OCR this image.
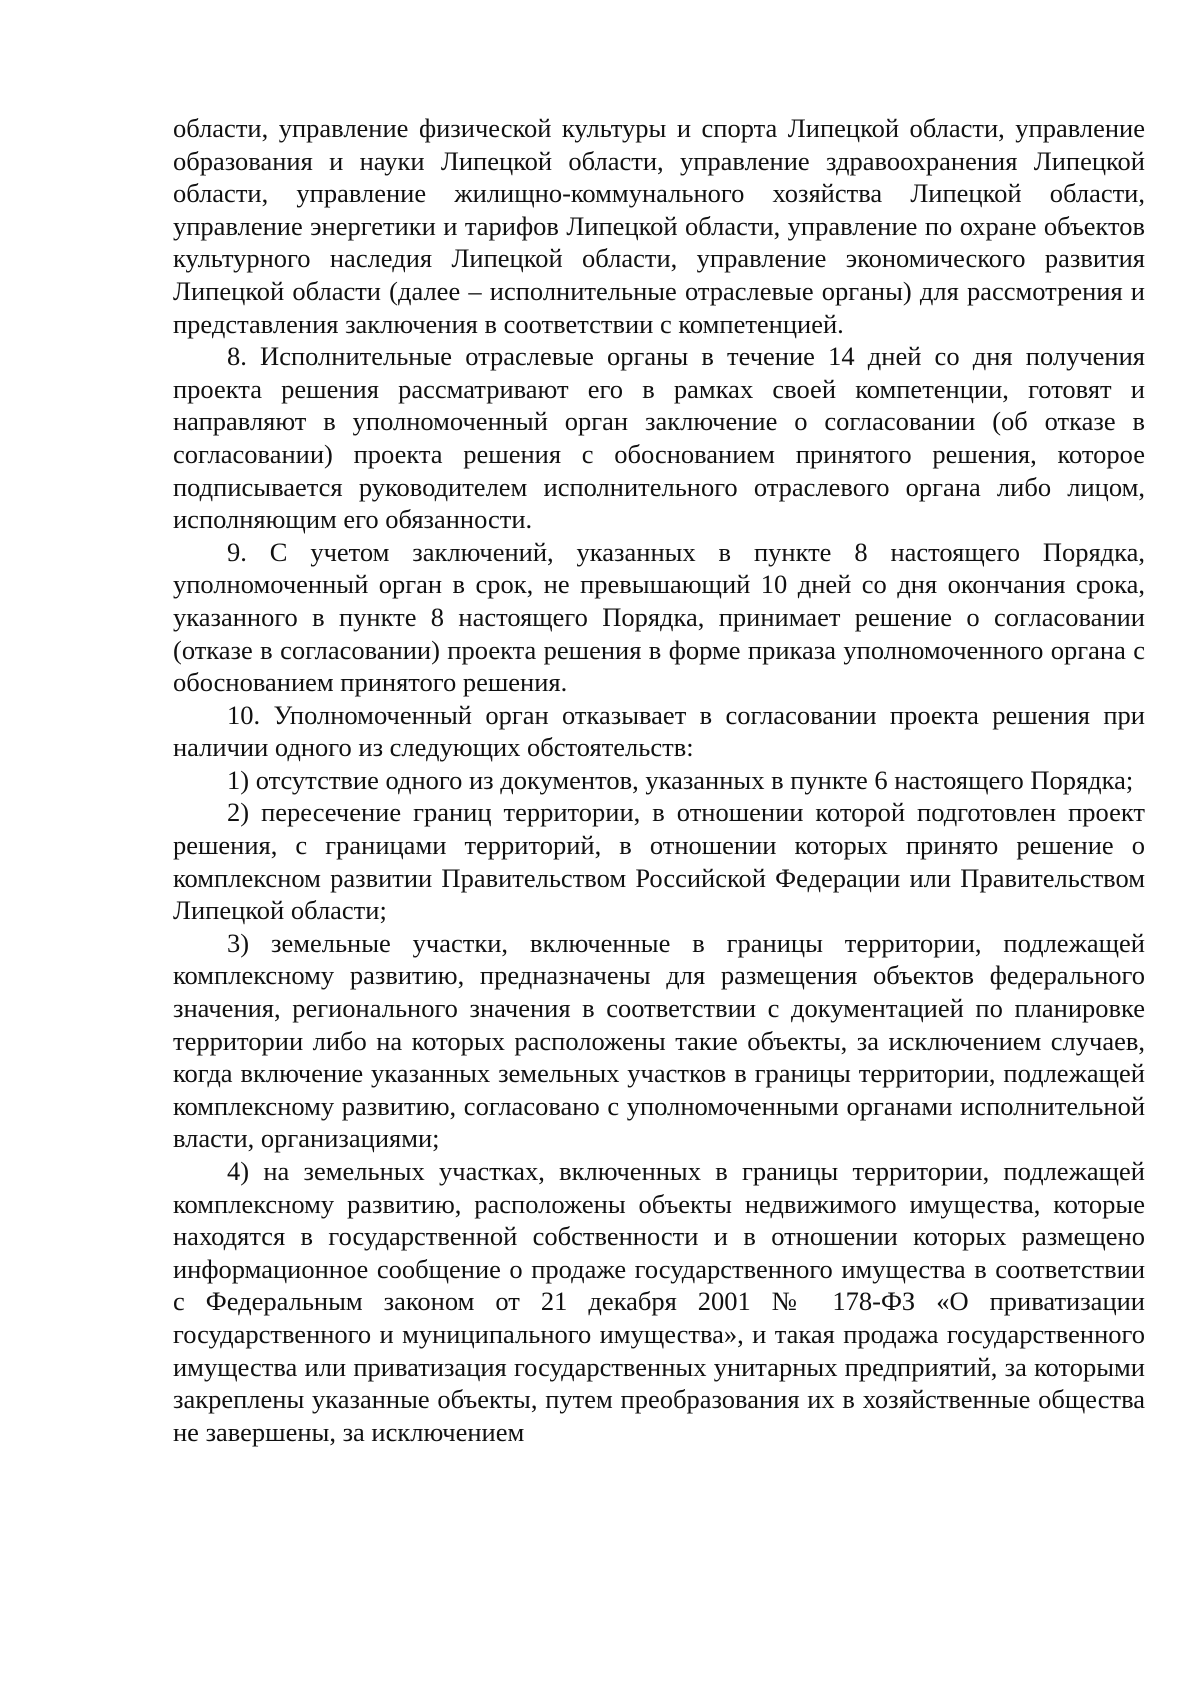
области, управление физической культуры и спорта Липецкой области, управление образования и науки Липецкой области, управление здравоохранения Липецкой области, управление жилищно-коммунального хозяйства Липецкой области, управление энергетики и тарифов Липецкой области, управление по охране объектов культурного наследия Липецкой области, управление экономического развития Липецкой области (далее – исполнительные отраслевые органы) для рассмотрения и представления заключения в соответствии с компетенцией.

8. Исполнительные отраслевые органы в течение 14 дней со дня получения проекта решения рассматривают его в рамках своей компетенции, готовят и направляют в уполномоченный орган заключение о согласовании (об отказе в согласовании) проекта решения с обоснованием принятого решения, которое подписывается руководителем исполнительного отраслевого органа либо лицом, исполняющим его обязанности.

9. С учетом заключений, указанных в пункте 8 настоящего Порядка, уполномоченный орган в срок, не превышающий 10 дней со дня окончания срока, указанного в пункте 8 настоящего Порядка, принимает решение о согласовании (отказе в согласовании) проекта решения в форме приказа уполномоченного органа с обоснованием принятого решения.

10. Уполномоченный орган отказывает в согласовании проекта решения при наличии одного из следующих обстоятельств:

1) отсутствие одного из документов, указанных в пункте 6 настоящего Порядка;

2) пересечение границ территории, в отношении которой подготовлен проект решения, с границами территорий, в отношении которых принято решение о комплексном развитии Правительством Российской Федерации или Правительством Липецкой области;

3) земельные участки, включенные в границы территории, подлежащей комплексному развитию, предназначены для размещения объектов федерального значения, регионального значения в соответствии с документацией по планировке территории либо на которых расположены такие объекты, за исключением случаев, когда включение указанных земельных участков в границы территории, подлежащей комплексному развитию, согласовано с уполномоченными органами исполнительной власти, организациями;

4) на земельных участках, включенных в границы территории, подлежащей комплексному развитию, расположены объекты недвижимого имущества, которые находятся в государственной собственности и в отношении которых размещено информационное сообщение о продаже государственного имущества в соответствии с Федеральным законом от 21 декабря 2001 № 178-ФЗ «О приватизации государственного и муниципального имущества», и такая продажа государственного имущества или приватизация государственных унитарных предприятий, за которыми закреплены указанные объекты, путем преобразования их в хозяйственные общества не завершены, за исключением
